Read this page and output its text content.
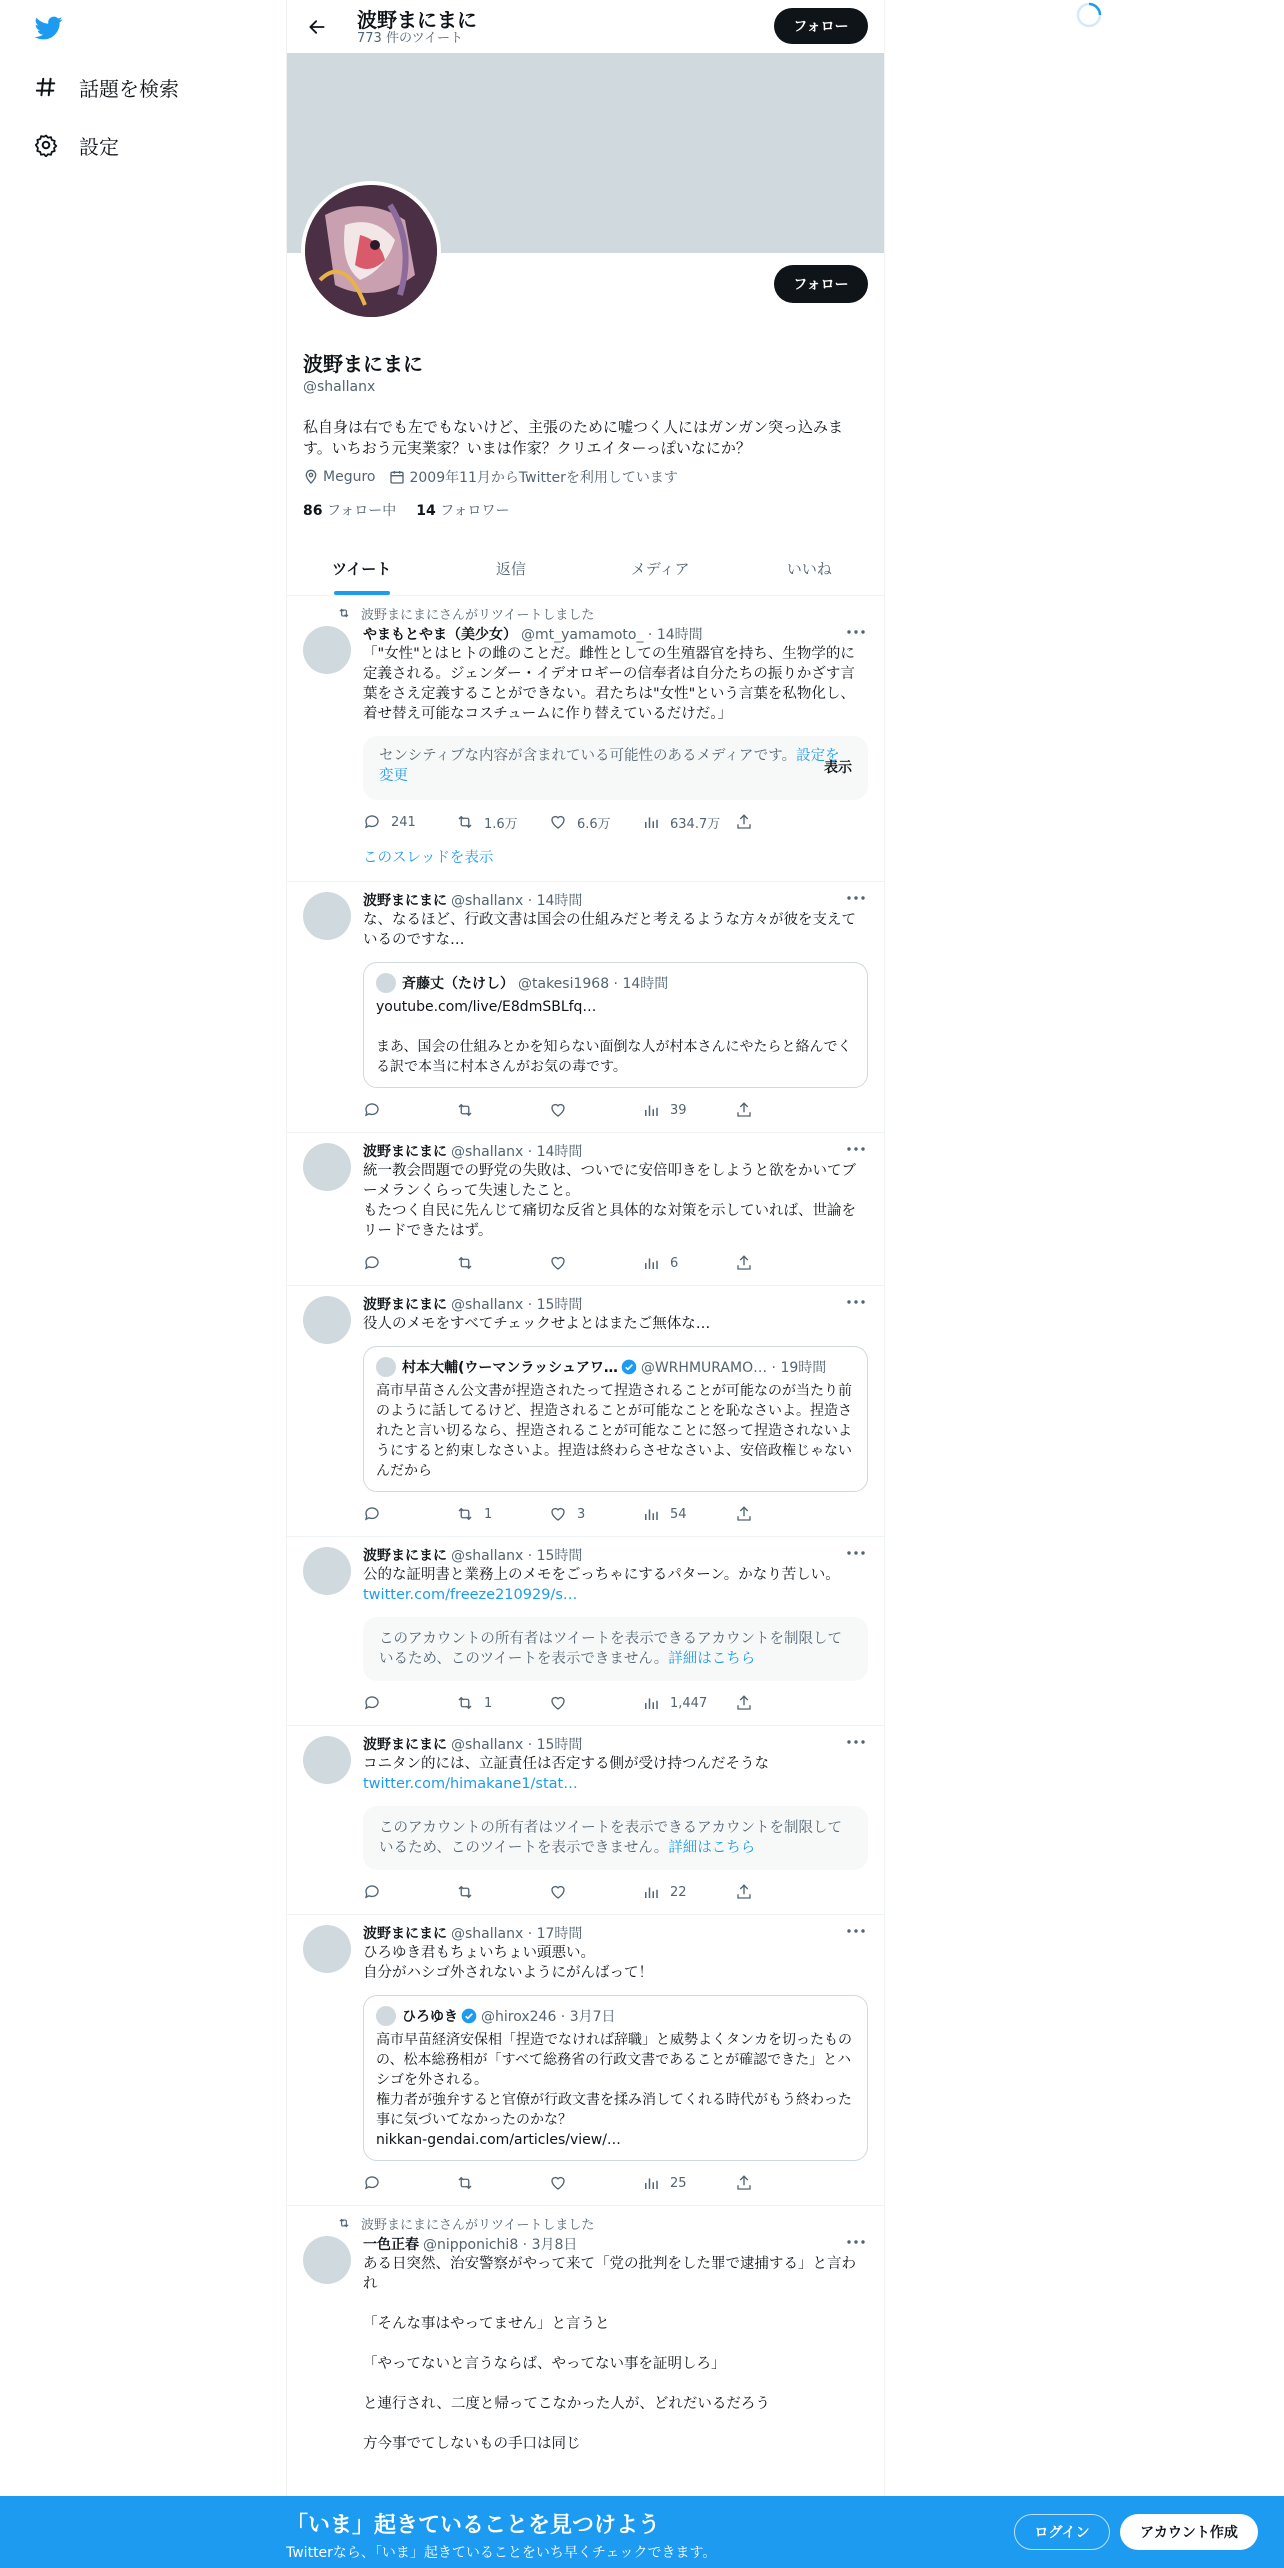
話題を検索
設定
波野まにまに
773 件のツイート
フォロー
フォロー
波野まにまに
@shallanx
私自身は右でも左でもないけど、主張のために嘘つく人にはガンガン突っ込みます。いちおう元実業家？いまは作家？クリエイターっぽいなにか？
Meguro 2009年11月からTwitterを利用しています
86 フォロー中 14 フォロワー
ツイート	返信	メディア	いいね
波野まにまにさんがリツイートしました
やまもとやま（美少女） @mt_yamamoto_ · 14時間
「"女性"とはヒトの雌のことだ。雌性としての生殖器官を持ち、生物学的に定義される。ジェンダー・イデオロギーの信奉者は自分たちの振りかざす言葉をさえ定義することができない。君たちは"女性"という言葉を私物化し、着せ替え可能なコスチュームに作り替えているだけだ。」
センシティブな内容が含まれている可能性のあるメディアです。設定を変更	表示
241	1.6万	6.6万	634.7万
このスレッドを表示
波野まにまに @shallanx · 14時間
な、なるほど、行政文書は国会の仕組みだと考えるような方々が彼を支えているのですな…
斉藤丈（たけし） @takesi1968 · 14時間
youtube.com/live/E8dmSBLfq…
まあ、国会の仕組みとかを知らない面倒な人が村本さんにやたらと絡んでくる訳で本当に村本さんがお気の毒です。
39
波野まにまに @shallanx · 14時間
統一教会問題での野党の失敗は、ついでに安倍叩きをしようと欲をかいてブーメランくらって失速したこと。
もたつく自民に先んじて痛切な反省と具体的な対策を示していれば、世論をリードできたはず。
6
波野まにまに @shallanx · 15時間
役人のメモをすべてチェックせよとはまたご無体な…
村本大輔(ウーマンラッシュアワ… @WRHMURAMO… · 19時間
高市早苗さん公文書が捏造されたって捏造されることが可能なのが当たり前のように話してるけど、捏造されることが可能なことを恥なさいよ。捏造されたと言い切るなら、捏造されることが可能なことに怒って捏造されないようにすると約束しなさいよ。捏造は終わらさせなさいよ、安倍政権じゃないんだから
1	3	54
波野まにまに @shallanx · 15時間
公的な証明書と業務上のメモをごっちゃにするパターン。かなり苦しい。
twitter.com/freeze210929/s…
このアカウントの所有者はツイートを表示できるアカウントを制限しているため、このツイートを表示できません。詳細はこちら
1	1,447
波野まにまに @shallanx · 15時間
コニタン的には、立証責任は否定する側が受け持つんだそうな
twitter.com/himakane1/stat…
このアカウントの所有者はツイートを表示できるアカウントを制限しているため、このツイートを表示できません。詳細はこちら
22
波野まにまに @shallanx · 17時間
ひろゆき君もちょいちょい頭悪い。
自分がハシゴ外されないようにがんばって！
ひろゆき @hirox246 · 3月7日
高市早苗経済安保相「捏造でなければ辞職」と威勢よくタンカを切ったものの、松本総務相が「すべて総務省の行政文書であることが確認できた」とハシゴを外される。
権力者が強弁すると官僚が行政文書を揉み消してくれる時代がもう終わった事に気づいてなかったのかな？
nikkan-gendai.com/articles/view/…
25
波野まにまにさんがリツイートしました
一色正春 @nipponichi8 · 3月8日
ある日突然、治安警察がやって来て「党の批判をした罪で逮捕する」と言われ

「そんな事はやってません」と言うと

「やってないと言うならば、やってない事を証明しろ」

と連行され、二度と帰ってこなかった人が、どれだいるだろう

方今事でてしないもの手口は同じ
「いま」起きていることを見つけよう
Twitterなら、「いま」起きていることをいち早くチェックできます。
ログイン	アカウント作成
